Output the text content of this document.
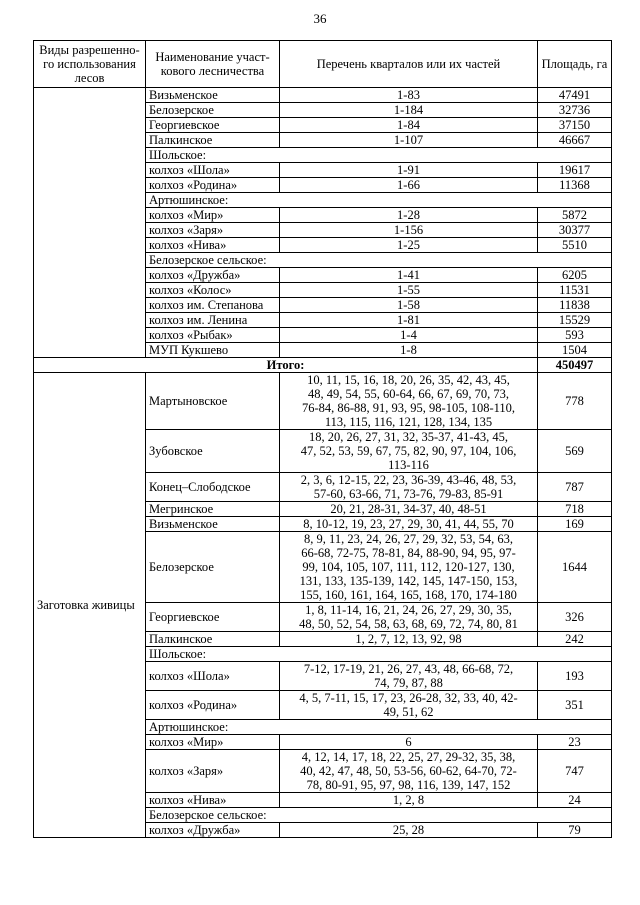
36
Виды разрешенно-го использования лесов	Наименование участ-кового лесничества	Перечень кварталов или их частей	Площадь, га
	Визьменское	1-83	47491
	Белозерское	1-184	32736
	Георгиевское	1-84	37150
	Палкинское	1-107	46667
	Шольское:		
	колхоз «Шола»	1-91	19617
	колхоз «Родина»	1-66	11368
	Артюшинское:		
	колхоз «Мир»	1-28	5872
	колхоз «Заря»	1-156	30377
	колхоз «Нива»	1-25	5510
	Белозерское сельское:		
	колхоз «Дружба»	1-41	6205
	колхоз «Колос»	1-55	11531
	колхоз им. Степанова	1-58	11838
	колхоз им. Ленина	1-81	15529
	колхоз «Рыбак»	1-4	593
	МУП Кукшево	1-8	1504
Итого:			450497
Заготовка живицы	Мартыновское	10, 11, 15, 16, 18, 20, 26, 35, 42, 43, 45,
48, 49, 54, 55, 60-64, 66, 67, 69, 70, 73,
76-84, 86-88, 91, 93, 95, 98-105, 108-110,
113, 115, 116, 121, 128, 134, 135	778
	Зубовское	18, 20, 26, 27, 31, 32, 35-37, 41-43, 45,
47, 52, 53, 59, 67, 75, 82, 90, 97, 104, 106,
113-116	569
	Конец–Слободское	2, 3, 6, 12-15, 22, 23, 36-39, 43-46, 48, 53,
57-60, 63-66, 71, 73-76, 79-83, 85-91	787
	Мегринское	20, 21, 28-31, 34-37, 40, 48-51	718
	Визьменское	8, 10-12, 19, 23, 27, 29, 30, 41, 44, 55, 70	169
	Белозерское	8, 9, 11, 23, 24, 26, 27, 29, 32, 53, 54, 63,
66-68, 72-75, 78-81, 84, 88-90, 94, 95, 97-
99, 104, 105, 107, 111, 112, 120-127, 130,
131, 133, 135-139, 142, 145, 147-150, 153,
155, 160, 161, 164, 165, 168, 170, 174-180	1644
	Георгиевское	1, 8, 11-14, 16, 21, 24, 26, 27, 29, 30, 35,
48, 50, 52, 54, 58, 63, 68, 69, 72, 74, 80, 81	326
	Палкинское	1, 2, 7, 12, 13, 92, 98	242
	Шольское:		
	колхоз «Шола»	7-12, 17-19, 21, 26, 27, 43, 48, 66-68, 72,
74, 79, 87, 88	193
	колхоз «Родина»	4, 5, 7-11, 15, 17, 23, 26-28, 32, 33, 40, 42-
49, 51, 62	351
	Артюшинское:		
	колхоз «Мир»	6	23
	колхоз «Заря»	4, 12, 14, 17, 18, 22, 25, 27, 29-32, 35, 38,
40, 42, 47, 48, 50, 53-56, 60-62, 64-70, 72-
78, 80-91, 95, 97, 98, 116, 139, 147, 152	747
	колхоз «Нива»	1, 2, 8	24
	Белозерское сельское:		
	колхоз «Дружба»	25, 28	79
